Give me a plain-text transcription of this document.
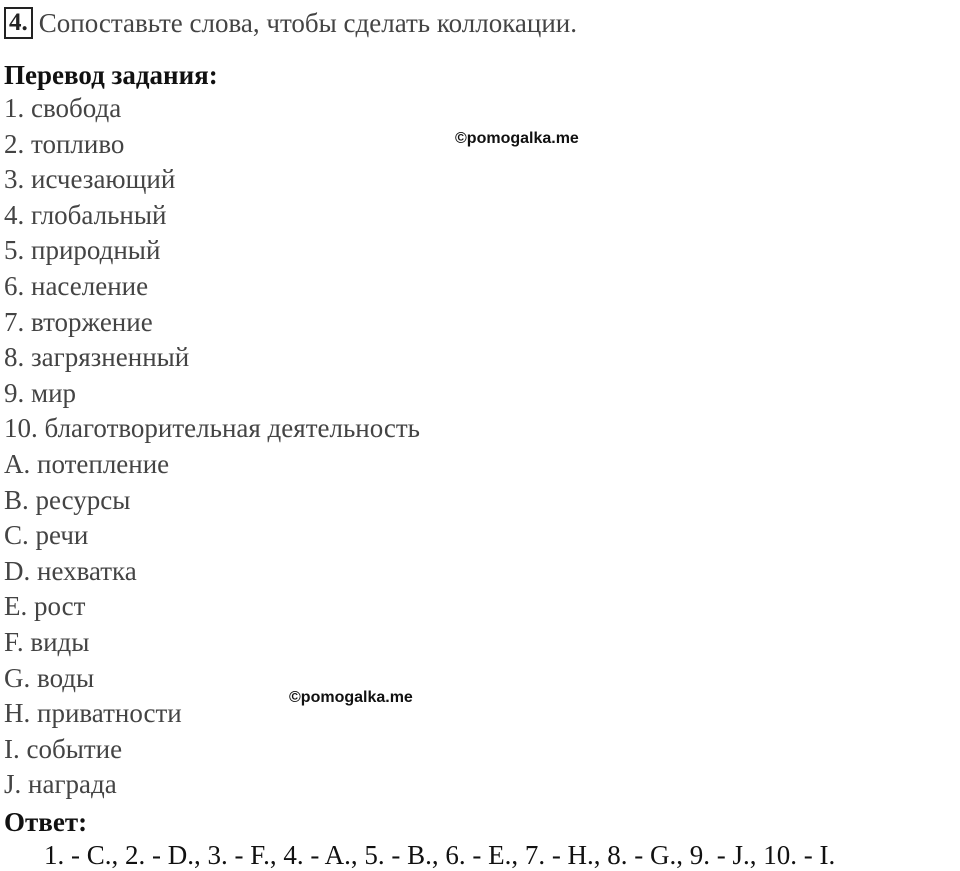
4. Сопоставьте слова, чтобы сделать коллокации.
Перевод задания:
1. свобода
2. топливо
3. исчезающий
4. глобальный
5. природный
6. население
7. вторжение
8. загрязненный
9. мир
10. благотворительная деятельность
A. потепление
B. ресурсы
C. речи
D. нехватка
E. рост
F. виды
G. воды
H. приватности
I. событие
J. награда
©pomogalka.me
©pomogalka.me
Ответ:
1. - C., 2. - D., 3. - F., 4. - A., 5. - B., 6. - E., 7. - H., 8. - G., 9. - J., 10. - I.
